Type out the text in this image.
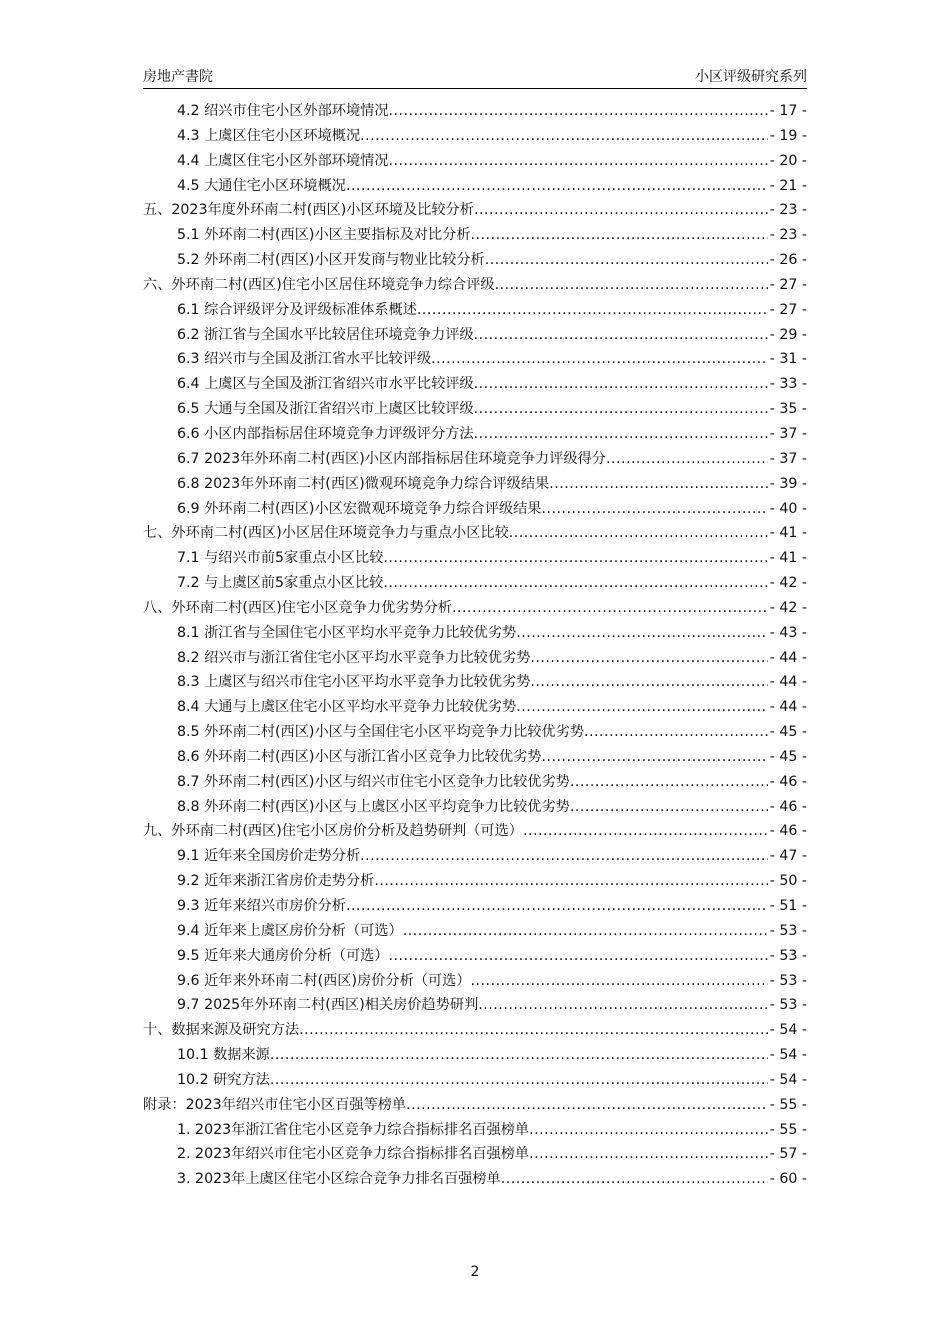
房地产書院	小区评级研究系列
4.2 绍兴市住宅小区外部环境情况 .....	- 17 -
4.3 上虞区住宅小区环境概况 .....	- 19 -
4.4 上虞区住宅小区外部环境情况 .....	- 20 -
4.5 大通住宅小区环境概况 .....	- 21 -
五、2023年度外环南二村(西区)小区环境及比较分析 .....	- 23 -
5.1 外环南二村(西区)小区主要指标及对比分析 .....	- 23 -
5.2 外环南二村(西区)小区开发商与物业比较分析 .....	- 26 -
六、外环南二村(西区)住宅小区居住环境竞争力综合评级 .....	- 27 -
6.1 综合评级评分及评级标准体系概述 .....	- 27 -
6.2 浙江省与全国水平比较居住环境竞争力评级 .....	- 29 -
6.3 绍兴市与全国及浙江省水平比较评级 .....	- 31 -
6.4 上虞区与全国及浙江省绍兴市水平比较评级 .....	- 33 -
6.5 大通与全国及浙江省绍兴市上虞区比较评级 .....	- 35 -
6.6 小区内部指标居住环境竞争力评级评分方法 .....	- 37 -
6.7 2023年外环南二村(西区)小区内部指标居住环境竞争力评级得分 .....	- 37 -
6.8 2023年外环南二村(西区)微观环境竞争力综合评级结果 .....	- 39 -
6.9 外环南二村(西区)小区宏微观环境竞争力综合评级结果 .....	- 40 -
七、外环南二村(西区)小区居住环境竞争力与重点小区比较 .....	- 41 -
7.1 与绍兴市前5家重点小区比较 .....	- 41 -
7.2 与上虞区前5家重点小区比较 .....	- 42 -
八、外环南二村(西区)住宅小区竞争力优劣势分析 .....	- 42 -
8.1 浙江省与全国住宅小区平均水平竞争力比较优劣势 .....	- 43 -
8.2 绍兴市与浙江省住宅小区平均水平竞争力比较优劣势 .....	- 44 -
8.3 上虞区与绍兴市住宅小区平均水平竞争力比较优劣势 .....	- 44 -
8.4 大通与上虞区住宅小区平均水平竞争力比较优劣势 .....	- 44 -
8.5 外环南二村(西区)小区与全国住宅小区平均竞争力比较优劣势 .....	- 45 -
8.6 外环南二村(西区)小区与浙江省小区竞争力比较优劣势 .....	- 45 -
8.7 外环南二村(西区)小区与绍兴市住宅小区竞争力比较优劣势 .....	- 46 -
8.8 外环南二村(西区)小区与上虞区小区平均竞争力比较优劣势 .....	- 46 -
九、外环南二村(西区)住宅小区房价分析及趋势研判（可选） .....	- 46 -
9.1 近年来全国房价走势分析 .....	- 47 -
9.2 近年来浙江省房价走势分析 .....	- 50 -
9.3 近年来绍兴市房价分析 .....	- 51 -
9.4 近年来上虞区房价分析（可选） .....	- 53 -
9.5 近年来大通房价分析（可选） .....	- 53 -
9.6 近年来外环南二村(西区)房价分析（可选） .....	- 53 -
9.7 2025年外环南二村(西区)相关房价趋势研判 .....	- 53 -
十、数据来源及研究方法 .....	- 54 -
10.1 数据来源 .....	- 54 -
10.2 研究方法 .....	- 54 -
附录：2023年绍兴市住宅小区百强等榜单 .....	- 55 -
1. 2023年浙江省住宅小区竞争力综合指标排名百强榜单 .....	- 55 -
2. 2023年绍兴市住宅小区竞争力综合指标排名百强榜单 .....	- 57 -
3. 2023年上虞区住宅小区综合竞争力排名百强榜单 .....	- 60 -
2
